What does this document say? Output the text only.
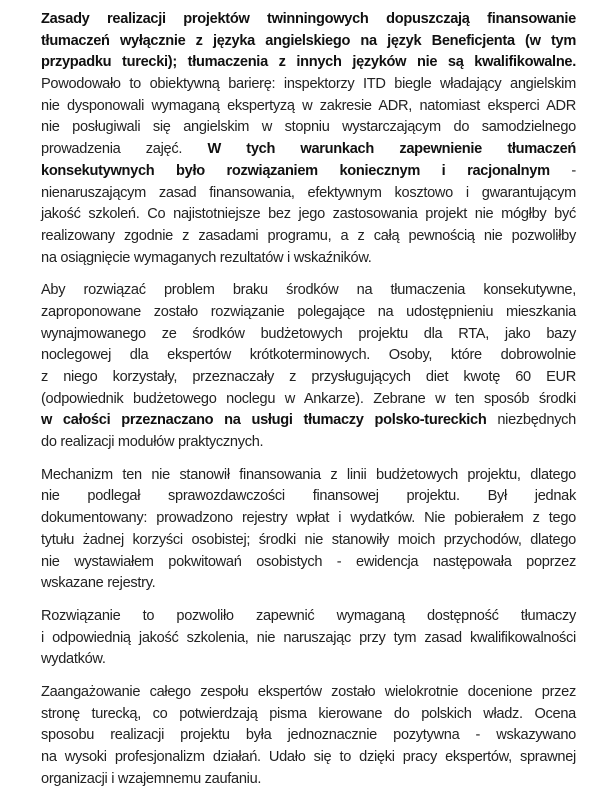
Zasady realizacji projektów twinningowych dopuszczają finansowanie
tłumaczeń wyłącznie z języka angielskiego na język Beneficjenta (w tym
przypadku turecki); tłumaczenia z innych języków nie są kwalifikowalne.
Powodowało to obiektywną barierę: inspektorzy ITD biegle władający angielskim
nie dysponowali wymaganą ekspertyzą w zakresie ADR, natomiast eksperci ADR
nie posługiwali się angielskim w stopniu wystarczającym do samodzielnego
prowadzenia zajęć. W tych warunkach zapewnienie tłumaczeń
konsekutywnych było rozwiązaniem koniecznym i racjonalnym -
nienaruszającym zasad finansowania, efektywnym kosztowo i gwarantującym
jakość szkoleń. Co najistotniejsze bez jego zastosowania projekt nie mógłby być
realizowany zgodnie z zasadami programu, a z całą pewnością nie pozwoliłby
na osiągnięcie wymaganych rezultatów i wskaźników.
Aby rozwiązać problem braku środków na tłumaczenia konsekutywne,
zaproponowane zostało rozwiązanie polegające na udostępnieniu mieszkania
wynajmowanego ze środków budżetowych projektu dla RTA, jako bazy
noclegowej dla ekspertów krótkoterminowych. Osoby, które dobrowolnie
z niego korzystały, przeznaczały z przysługujących diet kwotę 60 EUR
(odpowiednik budżetowego noclegu w Ankarze). Zebrane w ten sposób środki
w całości przeznaczano na usługi tłumaczy polsko-tureckich niezbędnych
do realizacji modułów praktycznych.
Mechanizm ten nie stanowił finansowania z linii budżetowych projektu, dlatego
nie podlegał sprawozdawczości finansowej projektu. Był jednak
dokumentowany: prowadzono rejestry wpłat i wydatków. Nie pobierałem z tego
tytułu żadnej korzyści osobistej; środki nie stanowiły moich przychodów, dlatego
nie wystawiałem pokwitowań osobistych - ewidencja następowała poprzez
wskazane rejestry.
Rozwiązanie to pozwoliło zapewnić wymaganą dostępność tłumaczy
i odpowiednią jakość szkolenia, nie naruszając przy tym zasad kwalifikowalności
wydatków.
Zaangażowanie całego zespołu ekspertów zostało wielokrotnie docenione przez
stronę turecką, co potwierdzają pisma kierowane do polskich władz. Ocena
sposobu realizacji projektu była jednoznacznie pozytywna - wskazywano
na wysoki profesjonalizm działań. Udało się to dzięki pracy ekspertów, sprawnej
organizacji i wzajemnemu zaufaniu.
